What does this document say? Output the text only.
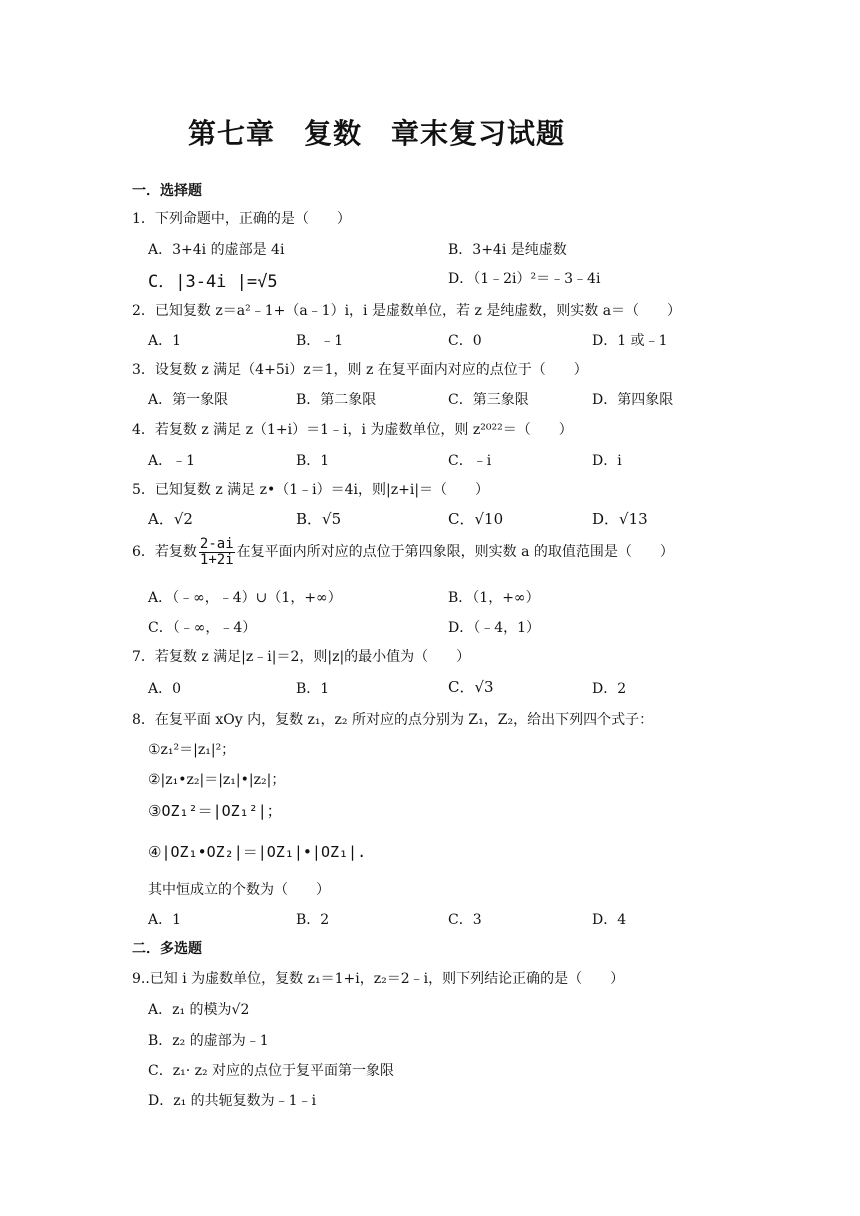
第七章　复数　章末复习试题
一．选择题
1．下列命题中，正确的是（　　）
A．3+4i 的虚部是 4i	B．3+4i 是纯虚数
C．|3-4i |=√5	D．（1﹣2i）²＝﹣3﹣4i
2．已知复数 z＝a²﹣1+（a﹣1）i，i 是虚数单位，若 z 是纯虚数，则实数 a＝（　　）
A．1	B．﹣1	C．0	D．1 或﹣1
3．设复数 z 满足（4+5i）z＝1，则 z 在复平面内对应的点位于（　　）
A．第一象限	B．第二象限	C．第三象限	D．第四象限
4．若复数 z 满足 z（1+i）＝1﹣i，i 为虚数单位，则 z²⁰²²＝（　　）
A．﹣1	B．1	C．﹣i	D．i
5．已知复数 z 满足 z•（1﹣i）＝4i，则|z+i|＝（　　）
A．√2	B．√5	C．√10	D．√13
6．若复数 $\frac{2-ai}{1+2i}$ 在复平面内所对应的点位于第四象限，则实数 a 的取值范围是（　　）
A．（﹣∞，﹣4）∪（1，+∞）	B．（1，+∞）
C．（﹣∞，﹣4）	D．（﹣4，1）
7．若复数 z 满足|z﹣i|＝2，则|z|的最小值为（　　）
A．0	B．1	C．√3	D．2
8．在复平面 xOy 内，复数 z₁，z₂ 所对应的点分别为 Z₁，Z₂，给出下列四个式子：
①z₁²＝|z₁|²；
②|z₁•z₂|＝|z₁|•|z₂|；
③OZ₁²＝|OZ₁²|；
④|OZ₁•OZ₂|＝|OZ₁|•|OZ₁|.
其中恒成立的个数为（　　）
A．1	B．2	C．3	D．4
二．多选题
9..已知 i 为虚数单位，复数 z₁＝1+i，z₂＝2﹣i，则下列结论正确的是（　　）
A．z₁ 的模为√2
B．z₂ 的虚部为﹣1
C．z₁· z₂ 对应的点位于复平面第一象限
D．z₁ 的共轭复数为﹣1﹣i
